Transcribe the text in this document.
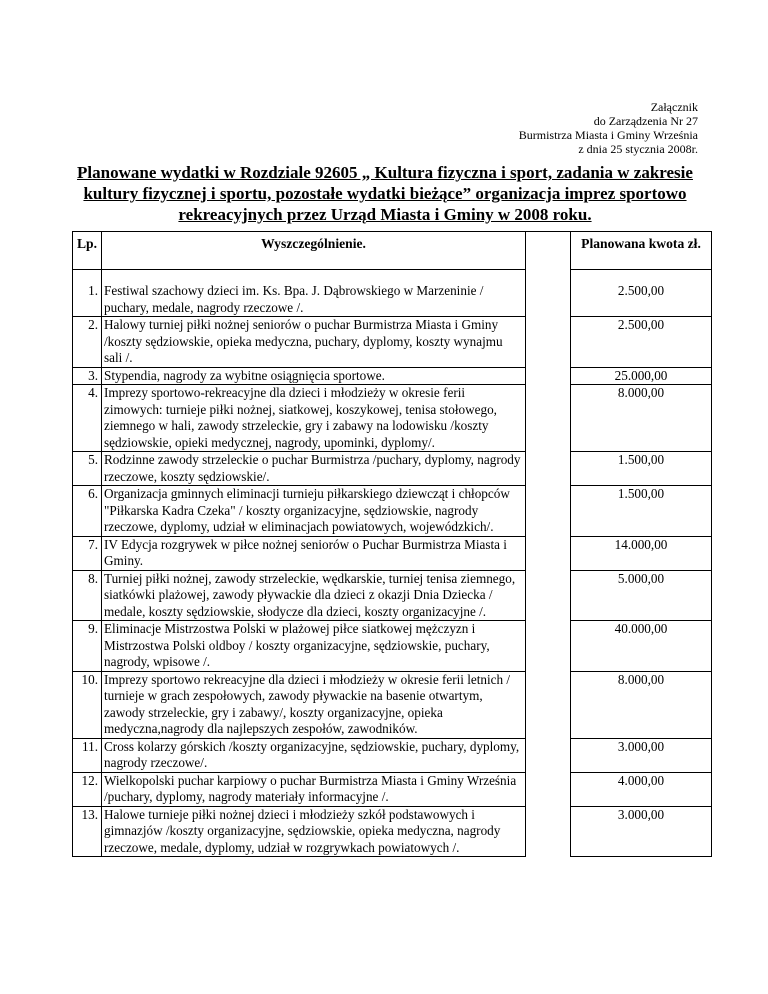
Załącznik
do Zarządzenia Nr 27
Burmistrza Miasta i Gminy Września
z dnia 25 stycznia 2008r.
Planowane wydatki w Rozdziale 92605 „ Kultura fizyczna i sport, zadania w zakresie kultury fizycznej i sportu, pozostałe wydatki bieżące” organizacja imprez sportowo rekreacyjnych przez Urząd Miasta i Gminy w 2008 roku.
Lp.	Wyszczególnienie.		Planowana kwota zł.
1.	Festiwal szachowy dzieci im. Ks. Bpa. J. Dąbrowskiego w Marzeninie / puchary, medale, nagrody rzeczowe /.		2.500,00
2.	Halowy turniej piłki nożnej seniorów o puchar Burmistrza Miasta i Gminy /koszty sędziowskie, opieka medyczna, puchary, dyplomy, koszty wynajmu sali /.		2.500,00
3.	Stypendia, nagrody za wybitne osiągnięcia sportowe.		25.000,00
4.	Imprezy sportowo-rekreacyjne dla dzieci i młodzieży w okresie ferii zimowych: turnieje piłki nożnej, siatkowej, koszykowej, tenisa stołowego, ziemnego w hali, zawody strzeleckie, gry i zabawy na lodowisku /koszty sędziowskie, opieki medycznej, nagrody, upominki, dyplomy/.		8.000,00
5.	Rodzinne zawody strzeleckie o puchar Burmistrza /puchary, dyplomy, nagrody rzeczowe, koszty sędziowskie/.		1.500,00
6.	Organizacja gminnych eliminacji turnieju piłkarskiego dziewcząt i chłopców "Piłkarska Kadra Czeka" / koszty organizacyjne, sędziowskie, nagrody rzeczowe, dyplomy, udział w eliminacjach powiatowych, wojewódzkich/.		1.500,00
7.	IV Edycja rozgrywek w piłce nożnej seniorów o Puchar Burmistrza Miasta i Gminy.		14.000,00
8.	Turniej piłki nożnej, zawody strzeleckie, wędkarskie, turniej tenisa ziemnego, siatkówki plażowej, zawody pływackie dla dzieci z okazji Dnia Dziecka / medale, koszty sędziowskie, słodycze dla dzieci, koszty organizacyjne /.		5.000,00
9.	Eliminacje Mistrzostwa Polski w plażowej piłce siatkowej mężczyzn i Mistrzostwa Polski oldboy / koszty organizacyjne, sędziowskie, puchary, nagrody, wpisowe /.		40.000,00
10.	Imprezy sportowo rekreacyjne dla dzieci i młodzieży w okresie ferii letnich / turnieje w grach zespołowych, zawody pływackie na basenie otwartym, zawody strzeleckie, gry i zabawy/, koszty organizacyjne, opieka medyczna,nagrody dla najlepszych zespołów, zawodników.		8.000,00
11.	Cross kolarzy górskich /koszty organizacyjne, sędziowskie, puchary, dyplomy, nagrody rzeczowe/.		3.000,00
12.	Wielkopolski puchar karpiowy o puchar Burmistrza Miasta i Gminy Września /puchary, dyplomy, nagrody materiały informacyjne /.		4.000,00
13.	Halowe turnieje piłki nożnej dzieci i młodzieży szkół podstawowych i gimnazjów /koszty organizacyjne, sędziowskie, opieka medyczna, nagrody rzeczowe, medale, dyplomy, udział w rozgrywkach powiatowych /.		3.000,00
